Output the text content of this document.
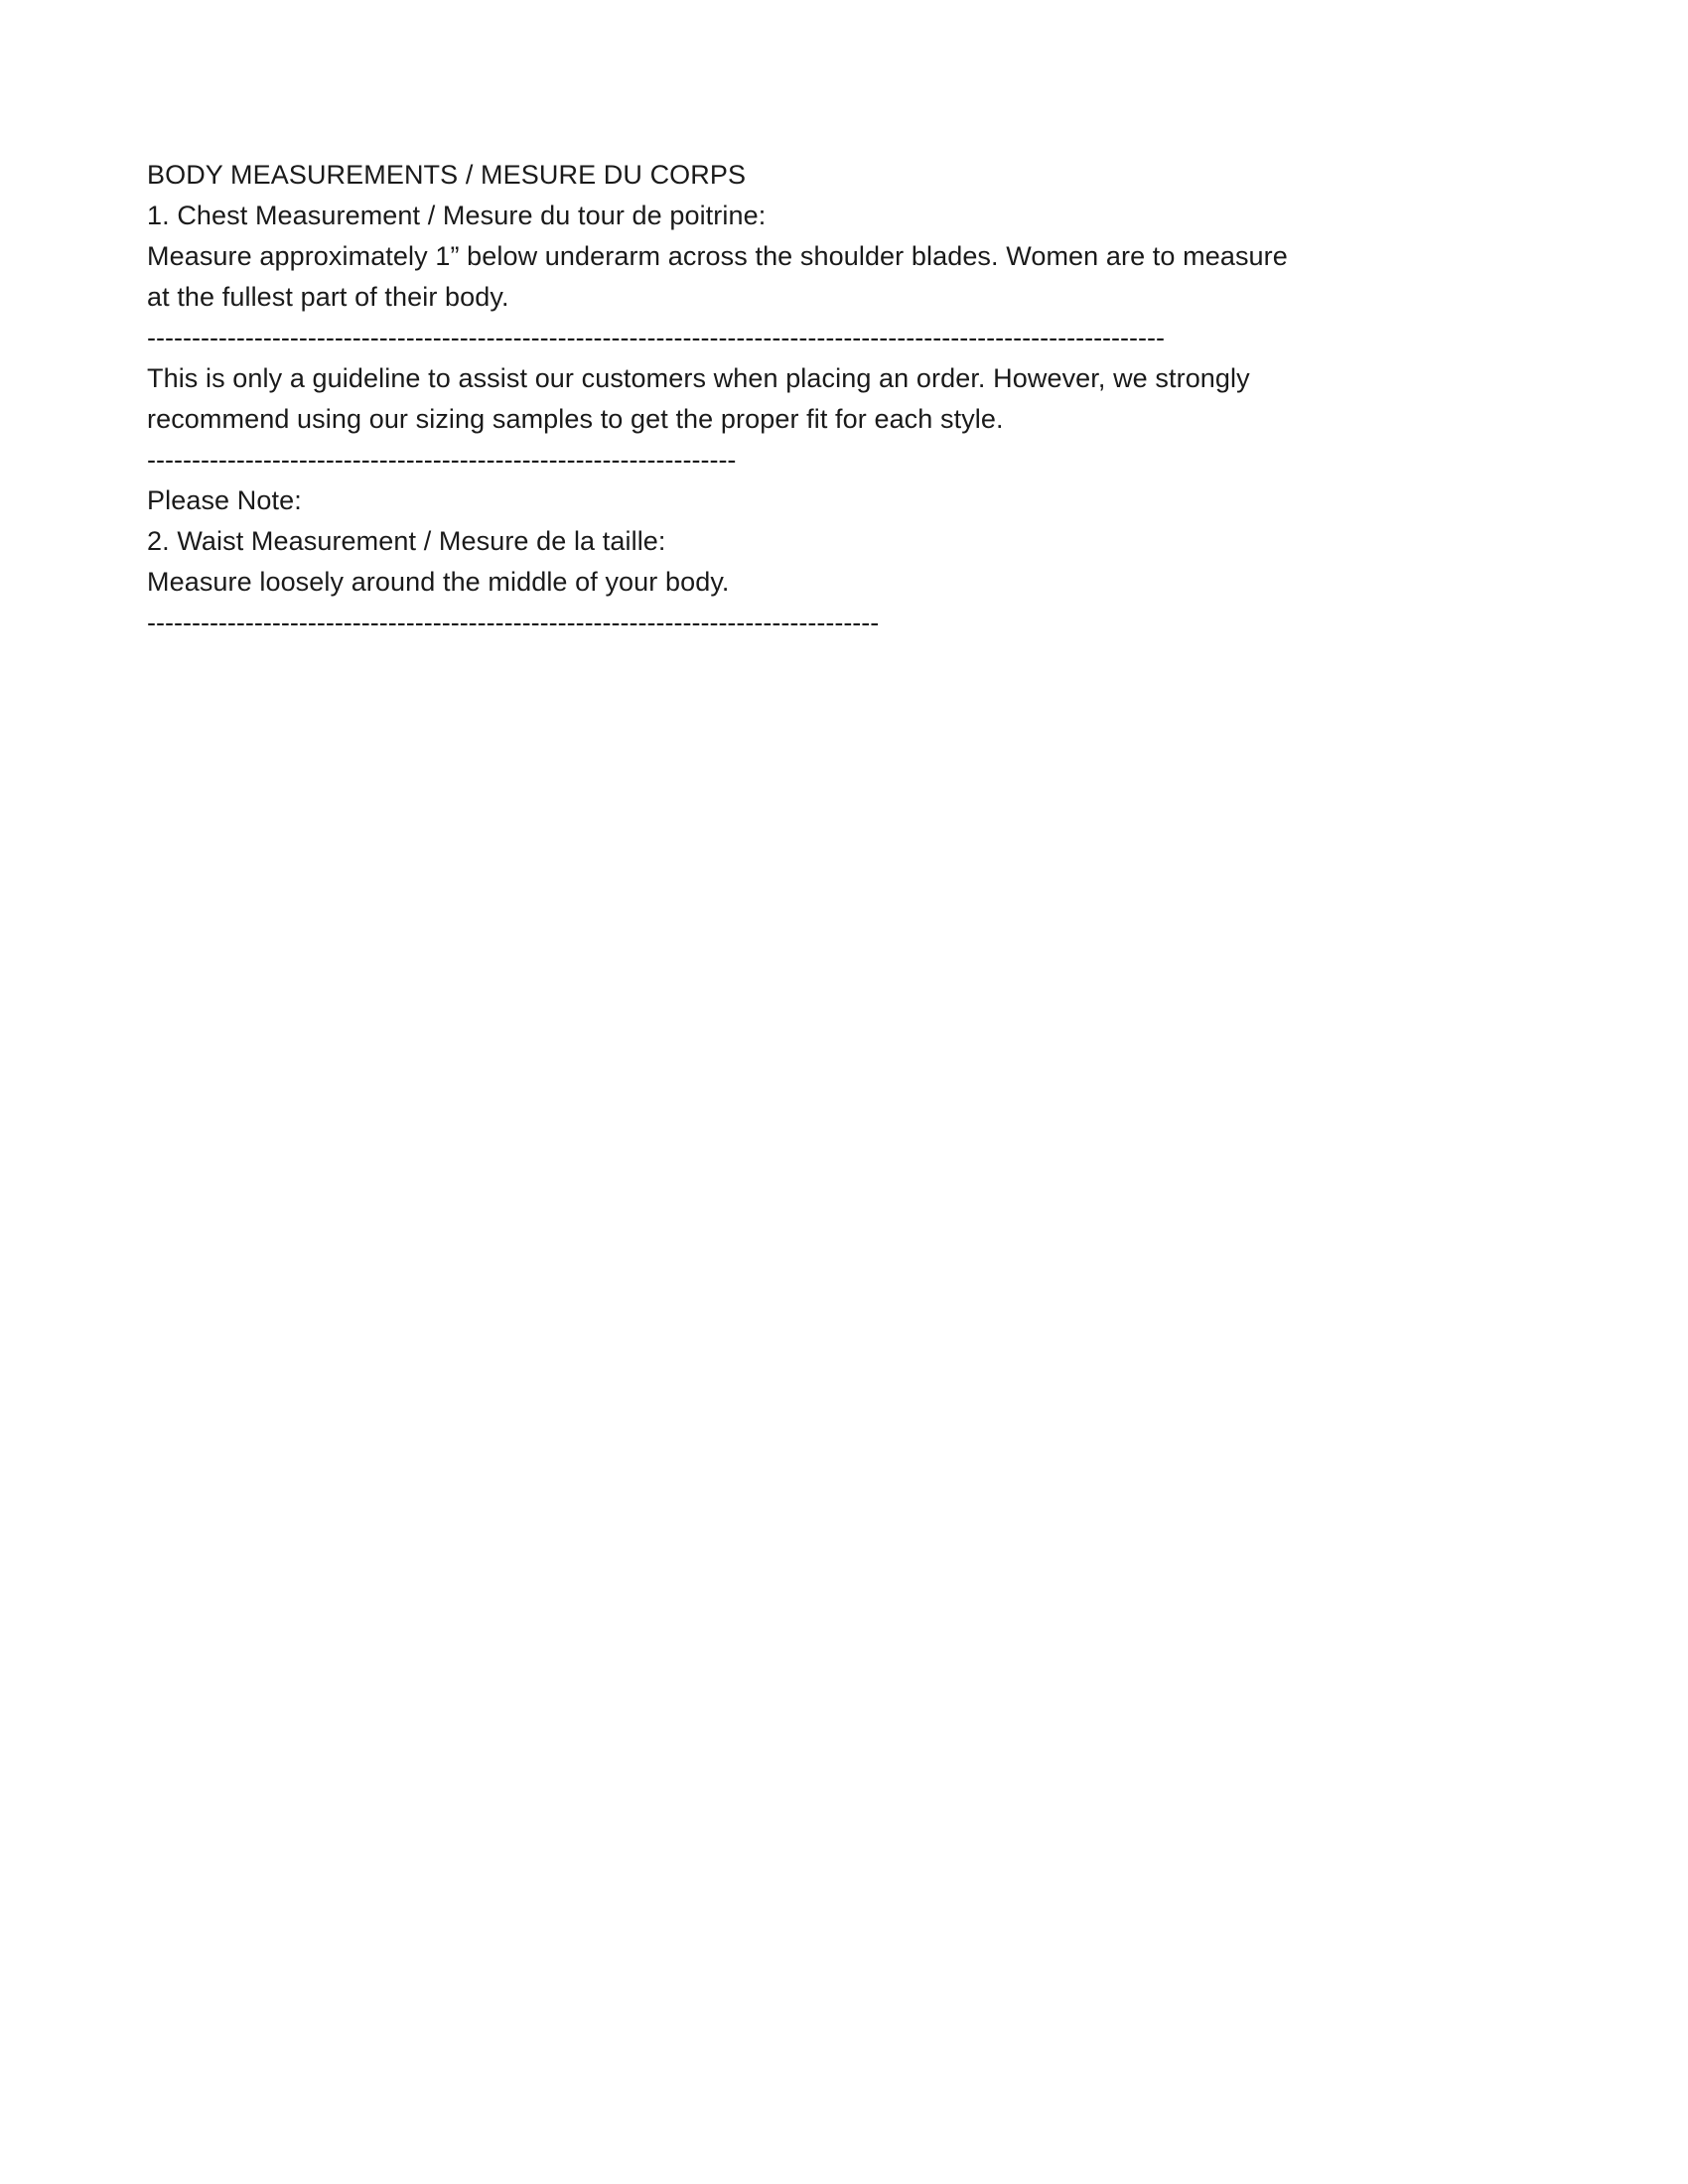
BODY MEASUREMENTS / MESURE DU CORPS
1. Chest Measurement / Mesure du tour de poitrine:
Measure approximately 1” below underarm across the shoulder blades. Women are to measure
at the fullest part of their body.
------------------------------------------------------------------------------------------------------------------
This is only a guideline to assist our customers when placing an order. However, we strongly
recommend using our sizing samples to get the proper fit for each style.
------------------------------------------------------------------
Please Note:
2. Waist Measurement / Mesure de la taille:
Measure loosely around the middle of your body.
----------------------------------------------------------------------------------
